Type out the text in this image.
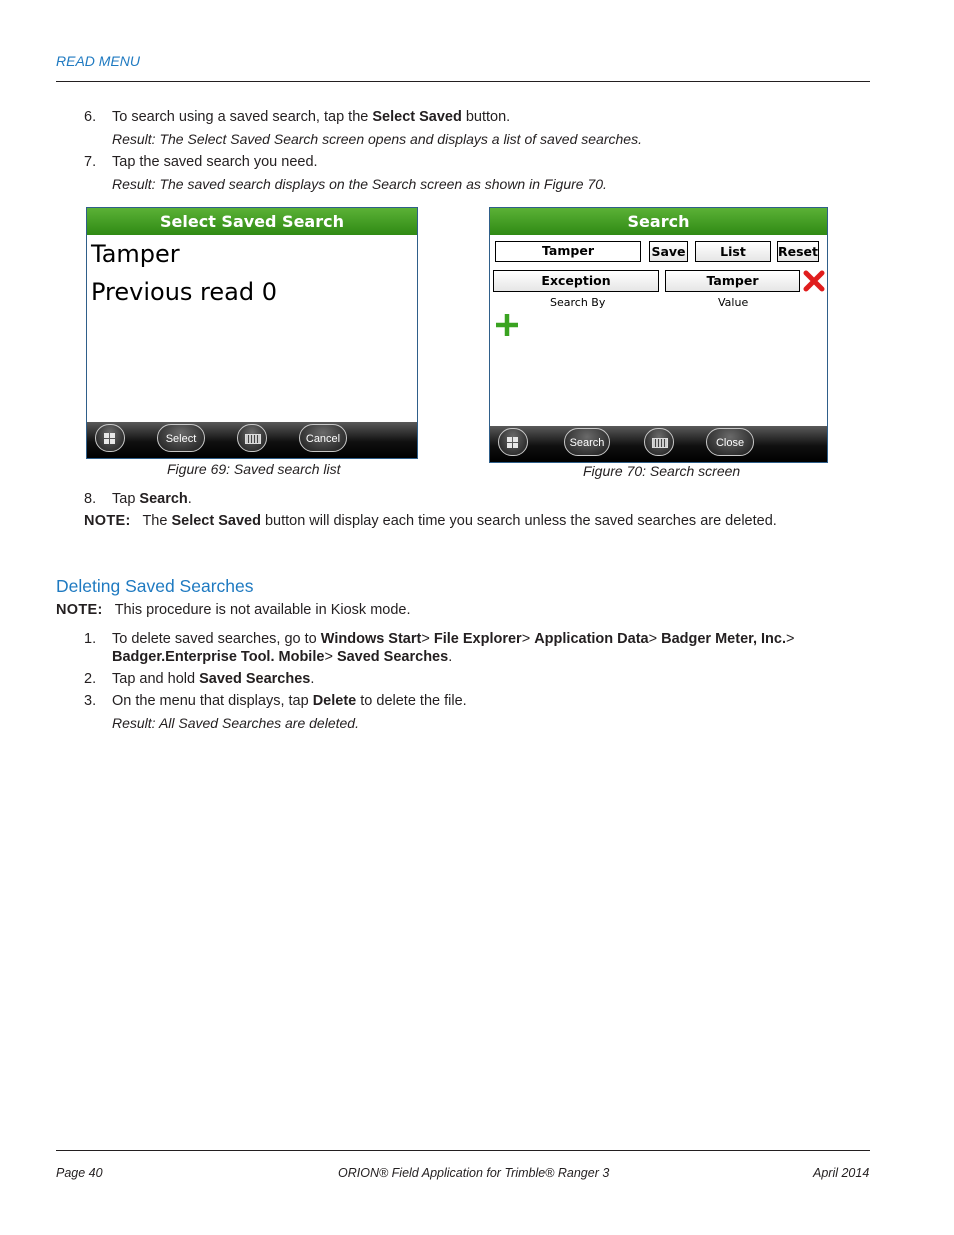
READ MENU
6. To search using a saved search, tap the Select Saved button.
Result: The Select Saved Search screen opens and displays a list of saved searches.
7. Tap the saved search you need.
Result: The saved search displays on the Search screen as shown in Figure 70.
Select Saved Search
Tamper
Previous read 0
Select	Cancel
Figure 69: Saved search list
Search
Tamper	Save	List	Reset
Exception	Tamper
Search By	Value
Search	Close
Figure 70: Search screen
8. Tap Search.
NOTE: The Select Saved button will display each time you search unless the saved searches are deleted.
Deleting Saved Searches
NOTE: This procedure is not available in Kiosk mode.
1. To delete saved searches, go to Windows Start> File Explorer> Application Data> Badger Meter, Inc.>
Badger.Enterprise Tool. Mobile> Saved Searches.
2. Tap and hold Saved Searches.
3. On the menu that displays, tap Delete to delete the file.
Result: All Saved Searches are deleted.
Page 40	ORION® Field Application for Trimble® Ranger 3	April 2014
